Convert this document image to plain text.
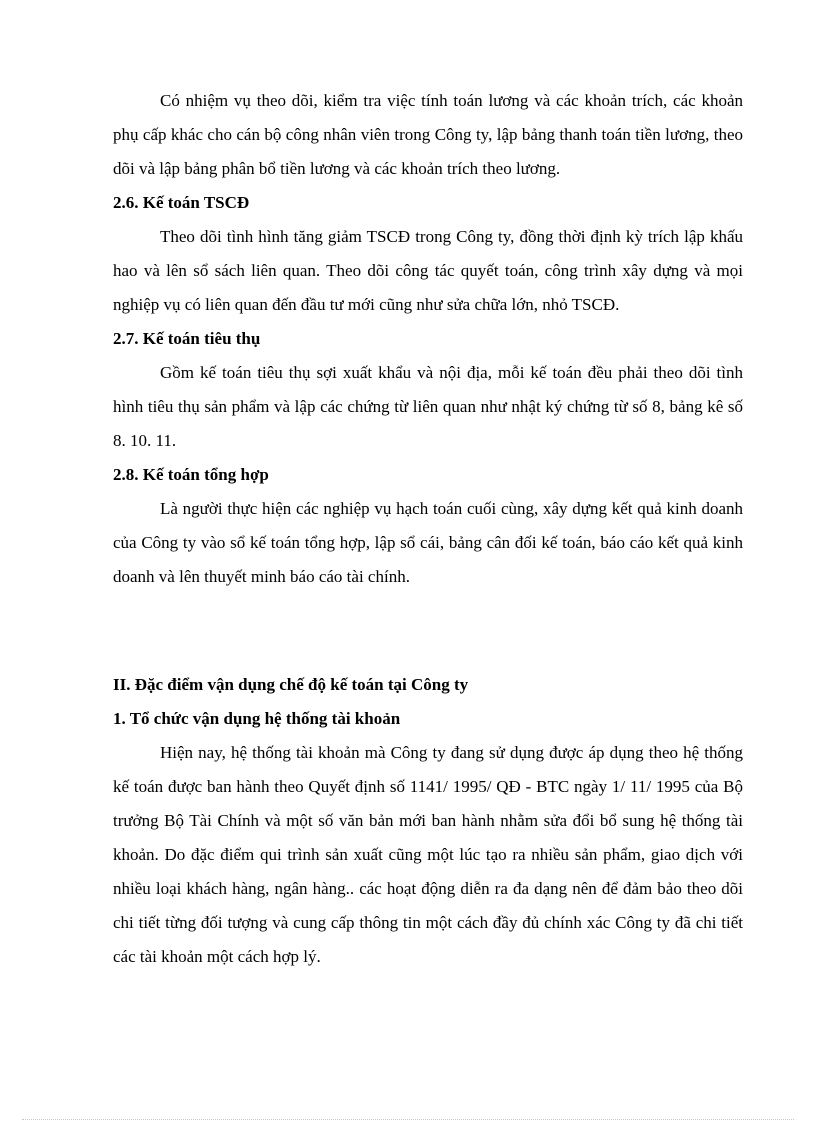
Có nhiệm vụ theo dõi, kiểm tra việc tính toán lương và các khoản trích, các khoản phụ cấp khác cho cán bộ công nhân viên trong Công ty, lập bảng thanh toán tiền lương, theo dõi và lập bảng phân bổ tiền lương và các khoản trích theo lương.

2.6. Kế toán TSCĐ

Theo dõi tình hình tăng giảm TSCĐ trong Công ty, đồng thời định kỳ trích lập khấu hao và lên sổ sách liên quan. Theo dõi công tác quyết toán, công trình xây dựng và mọi nghiệp vụ có liên quan đến đầu tư mới cũng như sửa chữa lớn, nhỏ TSCĐ.

2.7. Kế toán tiêu thụ

Gồm kế toán tiêu thụ sợi xuất khẩu và nội địa, mỗi kế toán đều phải theo dõi tình hình tiêu thụ sản phẩm và lập các chứng từ liên quan như nhật ký chứng từ số 8, bảng kê số 8. 10. 11.

2.8. Kế toán tổng hợp

Là người thực hiện các nghiệp vụ hạch toán cuối cùng, xây dựng kết quả kinh doanh của Công ty vào sổ kế toán tổng hợp, lập sổ cái, bảng cân đối kế toán, báo cáo kết quả kinh doanh và lên thuyết minh báo cáo tài chính.

II. Đặc điểm vận dụng chế độ kế toán tại Công ty

1. Tổ chức vận dụng hệ thống tài khoản

Hiện nay, hệ thống tài khoản mà Công ty đang sử dụng được áp dụng theo hệ thống kế toán được ban hành theo Quyết định số 1141/ 1995/ QĐ - BTC ngày 1/ 11/ 1995 của Bộ trưởng Bộ Tài Chính và một số văn bản mới ban hành nhằm sửa đổi bổ sung hệ thống tài khoản. Do đặc điểm qui trình sản xuất cũng một lúc tạo ra nhiều sản phẩm, giao dịch với nhiều loại khách hàng, ngân hàng.. các hoạt động diễn ra đa dạng nên để đảm bảo theo dõi chi tiết từng đối tượng và cung cấp thông tin một cách đầy đủ chính xác Công ty đã chi tiết các tài khoản một cách hợp lý.
